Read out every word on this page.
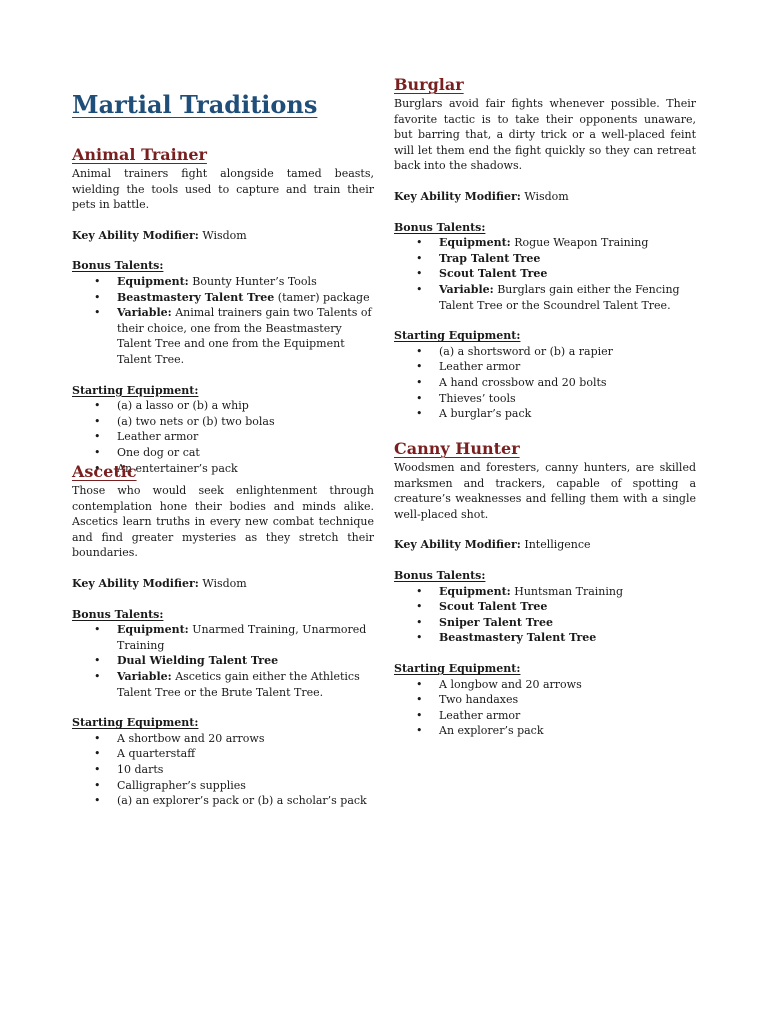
Martial Traditions
Animal Trainer

Animal trainers fight alongside tamed beasts, wielding the tools used to capture and train their pets in battle.

Key Ability Modifier: Wisdom

Bonus Talents:

• Equipment: Bounty Hunter’s Tools
• Beastmastery Talent Tree (tamer) package
• Variable: Animal trainers gain two Talents of their choice, one from the Beastmastery Talent Tree and one from the Equipment Talent Tree.

Starting Equipment:

• (a) a lasso or (b) a whip
• (a) two nets or (b) two bolas
• Leather armor
• One dog or cat
• An entertainer’s pack
Ascetic

Those who would seek enlightenment through contemplation hone their bodies and minds alike. Ascetics learn truths in every new combat technique and find greater mysteries as they stretch their boundaries.

Key Ability Modifier: Wisdom

Bonus Talents:

• Equipment: Unarmed Training, Unarmored Training
• Dual Wielding Talent Tree
• Variable: Ascetics gain either the Athletics Talent Tree or the Brute Talent Tree.

Starting Equipment:

• A shortbow and 20 arrows
• A quarterstaff
• 10 darts
• Calligrapher’s supplies
• (a) an explorer’s pack or (b) a scholar’s pack
Burglar

Burglars avoid fair fights whenever possible. Their favorite tactic is to take their opponents unaware, but barring that, a dirty trick or a well-placed feint will let them end the fight quickly so they can retreat back into the shadows.

Key Ability Modifier: Wisdom

Bonus Talents:

• Equipment: Rogue Weapon Training
• Trap Talent Tree
• Scout Talent Tree
• Variable: Burglars gain either the Fencing Talent Tree or the Scoundrel Talent Tree.

Starting Equipment:

• (a) a shortsword or (b) a rapier
• Leather armor
• A hand crossbow and 20 bolts
• Thieves’ tools
• A burglar’s pack
Canny Hunter

Woodsmen and foresters, canny hunters, are skilled marksmen and trackers, capable of spotting a creature’s weaknesses and felling them with a single well-placed shot.

Key Ability Modifier: Intelligence

Bonus Talents:

• Equipment: Huntsman Training
• Scout Talent Tree
• Sniper Talent Tree
• Beastmastery Talent Tree

Starting Equipment:

• A longbow and 20 arrows
• Two handaxes
• Leather armor
• An explorer’s pack
